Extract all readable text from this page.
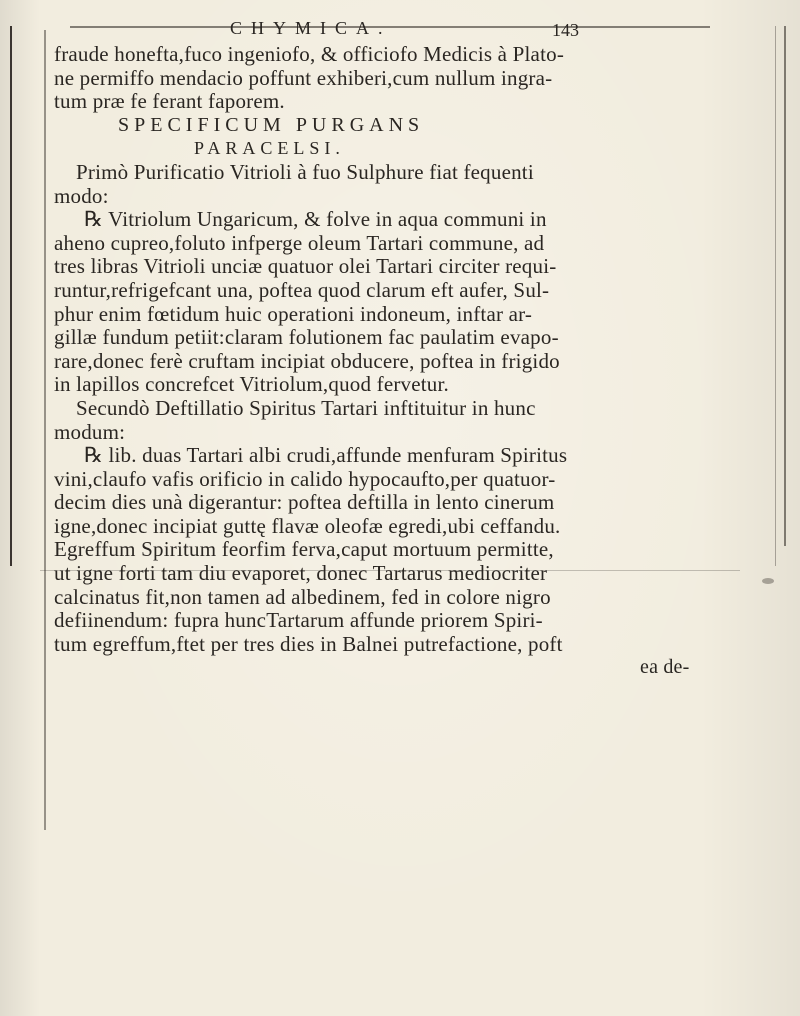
CHYMICA.	143

fraude honefta,fuco ingeniofo, & officiofo Medicis à Plato-

ne permiffo mendacio poffunt exhiberi,cum nullum ingra-

tum præ fe ferant faporem.

SPECIFICUM PURGANS

PARACELSI.

Primò Purificatio Vitrioli à fuo Sulphure fiat fequenti

modo:

℞ Vitriolum Ungaricum, & folve in aqua communi in

aheno cupreo,foluto infperge oleum Tartari commune, ad

tres libras Vitrioli unciæ quatuor olei Tartari circiter requi-

runtur,refrigefcant una, poftea quod clarum eft aufer, Sul-

phur enim fœtidum huic operationi indoneum, inftar ar-

gillæ fundum petiit:claram folutionem fac paulatim evapo-

rare,donec ferè cruftam incipiat obducere, poftea in frigido

in lapillos concrefcet Vitriolum,quod fervetur.

Secundò Deftillatio Spiritus Tartari inftituitur in hunc

modum:

℞ lib. duas Tartari albi crudi,affunde menfuram Spiritus

vini,claufo vafis orificio in calido hypocaufto,per quatuor-

decim dies unà digerantur: poftea deftilla in lento cinerum

igne,donec incipiat guttę flavæ oleofæ egredi,ubi ceffandu.

Egreffum Spiritum feorfim ferva,caput mortuum permitte,

ut igne forti tam diu evaporet, donec Tartarus mediocriter

calcinatus fit,non tamen ad albedinem, fed in colore nigro

defiinendum: fupra huncTartarum affunde priorem Spiri-

tum egreffum,ftet per tres dies in Balnei putrefactione, poft

ea de-
